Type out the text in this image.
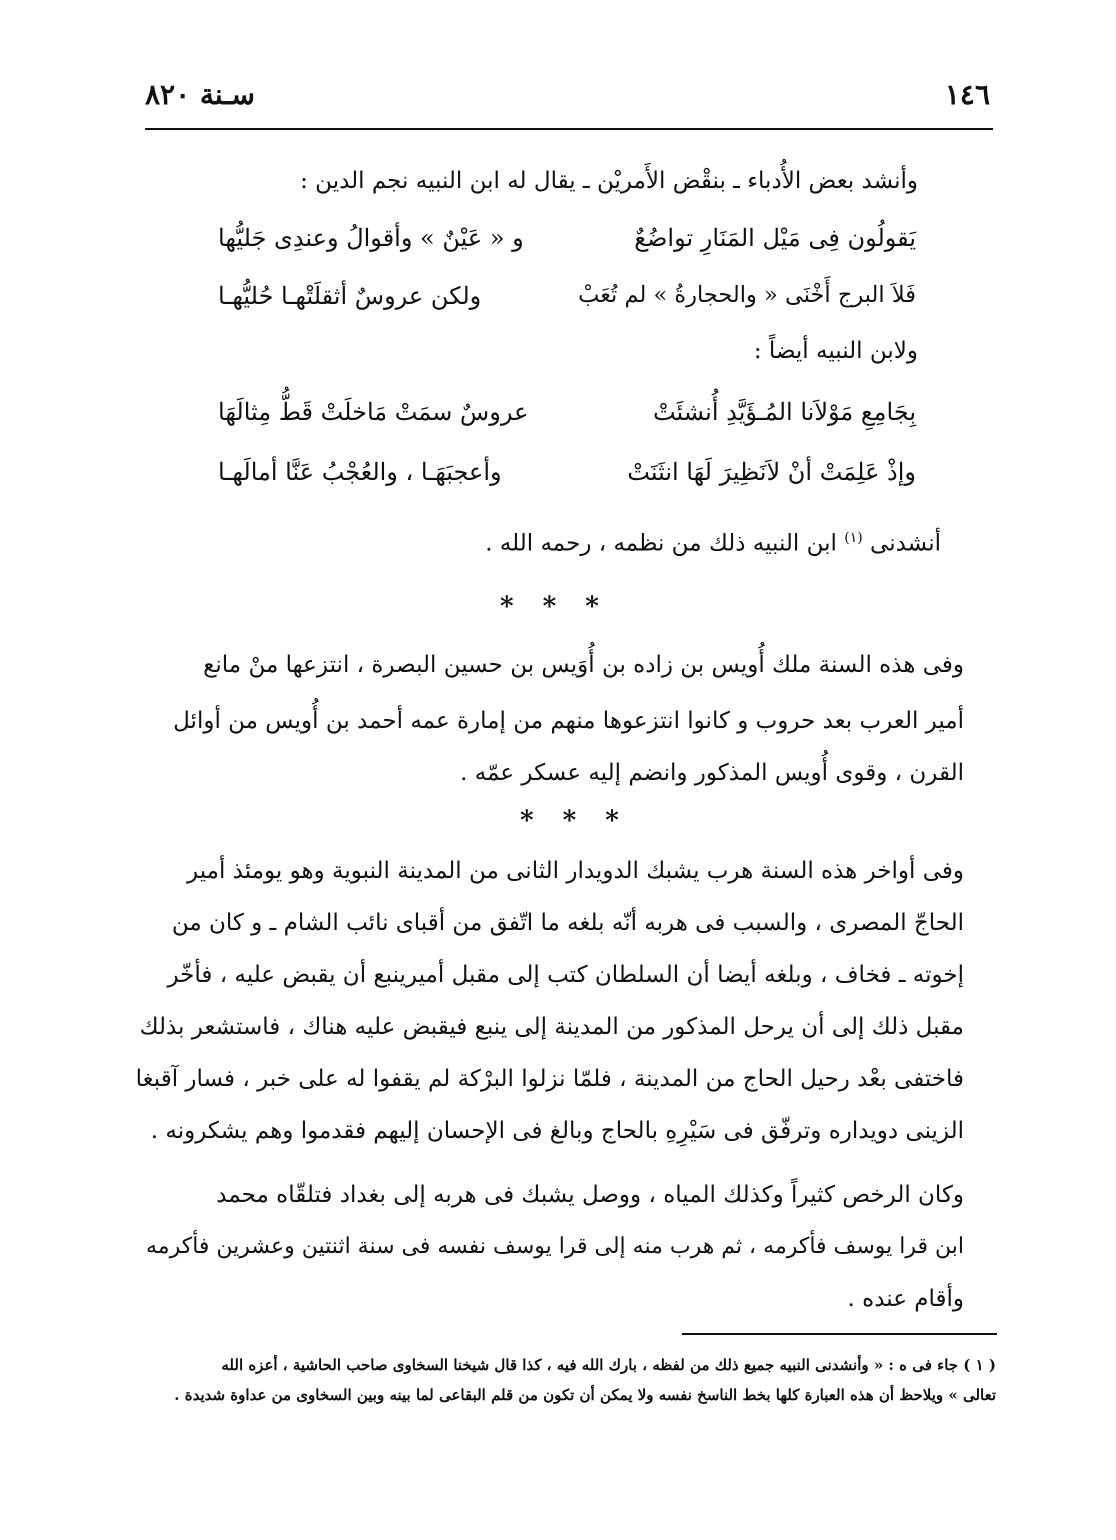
١٤٦
سـنة ٨٢٠
وأنشد بعض الأُدباء ـ بنقْض الأَمريْن ـ يقال له ابن النبيه نجم الدين :
يَقولُون فِى مَيْل المَنَارِ تواضُعٌ
و « عَيْنٌ » وأقوالُ وعندِى جَليُّها
فَلاَ البرج أَخْنَى « والحجارةُ » لم تُعَبْ
ولكن عروسٌ أثقلَتْهـا حُليُّهـا
ولابن النبيه أيضاً :
بِجَامِعِ مَوْلاَنا المُـؤَيَّدِ أُنشئَتْ
عروسٌ سمَتْ مَاخلَتْ قَطُّ مِثالَهَا
وإذْ عَلِمَتْ أنْ لاَنَظِيرَ لَهَا انثَنَتْ
وأعجبَهَـا ، والعُجْبُ عَنَّا أمالَهـا
أنشدنى $^{(١)}$ ابن النبيه ذلك من نظمه ، رحمه الله .
* * *
وفى هذه السنة ملك أُويس بن زاده بن أُوَيس بن حسين البصرة ، انتزعها منْ مانع
أمير العرب بعد حروب و كانوا انتزعوها منهم من إمارة عمه أحمد بن أُويس من أوائل
القرن ، وقوى أُويس المذكور وانضم إليه عسكر عمّه .
* * *
وفى أواخر هذه السنة هرب يشبك الدويدار الثانى من المدينة النبوية وهو يومئذ أمير
الحاجّ المصرى ، والسبب فى هربه أنّه بلغه ما اتّفق من أقباى نائب الشام ـ و كان من
إخوته ـ فخاف ، وبلغه أيضا أن السلطان كتب إلى مقبل أميرينبع أن يقبض عليه ، فأخّر
مقبل ذلك إلى أن يرحل المذكور من المدينة إلى ينبع فيقبض عليه هناك ، فاستشعر بذلك
فاختفى بعْد رحيل الحاج من المدينة ، فلمّا نزلوا البرْكة لم يقفوا له على خبر ، فسار آقبغا
الزينى دويداره وترفّق فى سَيْرِهِ بالحاج وبالغ فى الإحسان إليهم فقدموا وهم يشكرونه .
وكان الرخص كثيراً وكذلك المياه ، ووصل يشبك فى هربه إلى بغداد فتلقّاه محمد
ابن قرا يوسف فأكرمه ، ثم هرب منه إلى قرا يوسف نفسه فى سنة اثنتين وعشرين فأكرمه
وأقام عنده .
( ١ ) جاء فى ه : « وأنشدنى النبيه جميع ذلك من لفظه ، بارك الله فيه ، كذا قال شيخنا السخاوى صاحب الحاشية ، أعزه الله
تعالى » ويلاحظ أن هذه العبارة كلها بخط الناسخ نفسه ولا يمكن أن تكون من قلم البقاعى لما بينه وبين السخاوى من عداوة شديدة .
